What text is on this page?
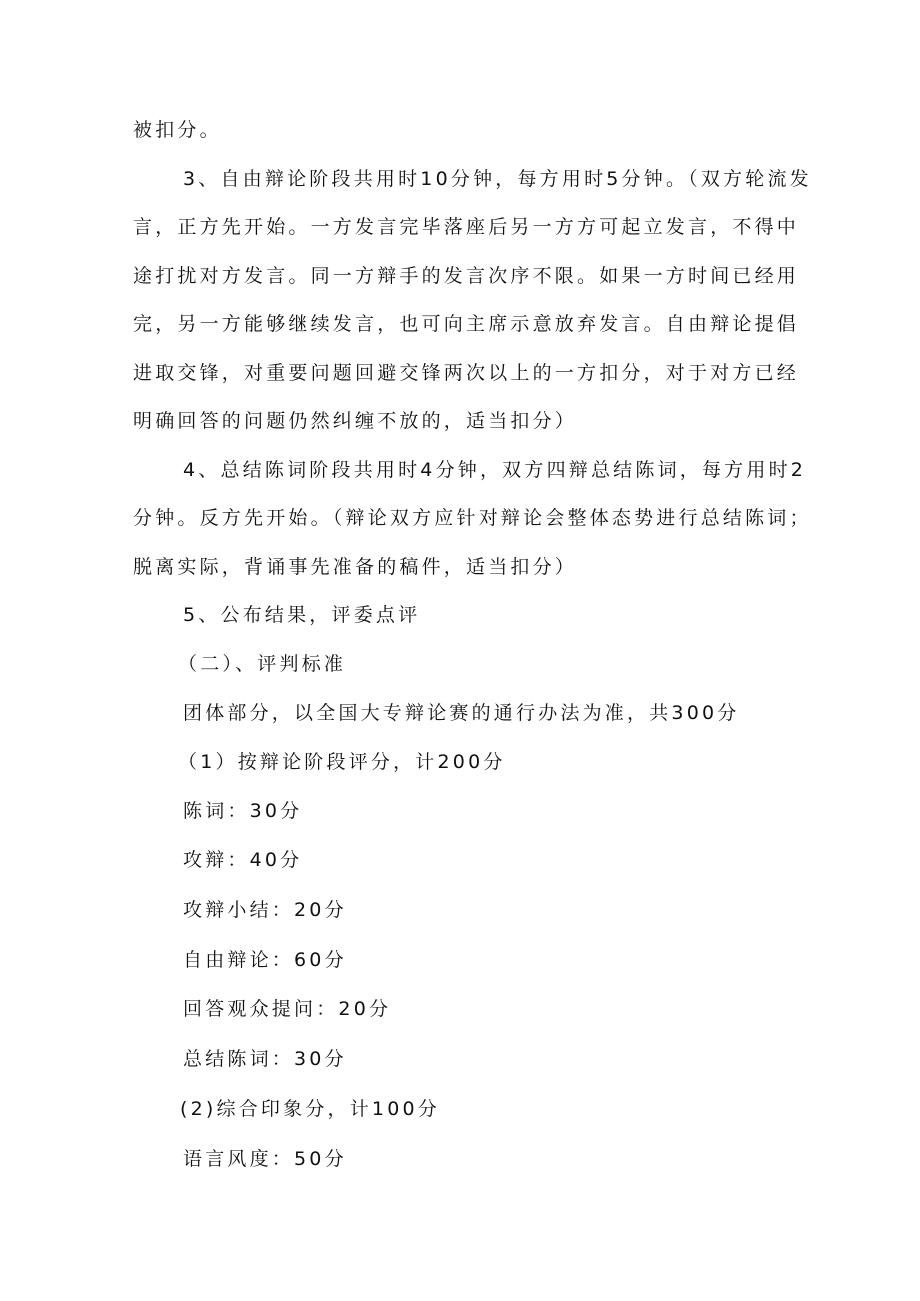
被扣分。
3、自由辩论阶段共用时10分钟，每方用时5分钟。（双方轮流发
言，正方先开始。一方发言完毕落座后另一方方可起立发言，不得中
途打扰对方发言。同一方辩手的发言次序不限。如果一方时间已经用
完，另一方能够继续发言，也可向主席示意放弃发言。自由辩论提倡
进取交锋，对重要问题回避交锋两次以上的一方扣分，对于对方已经
明确回答的问题仍然纠缠不放的，适当扣分）
4、总结陈词阶段共用时4分钟，双方四辩总结陈词，每方用时2
分钟。反方先开始。（辩论双方应针对辩论会整体态势进行总结陈词；
脱离实际，背诵事先准备的稿件，适当扣分）
5、公布结果，评委点评
（二）、评判标准
团体部分，以全国大专辩论赛的通行办法为准，共300分
（1）按辩论阶段评分，计200分
陈词：30分
攻辩：40分
攻辩小结：20分
自由辩论：60分
回答观众提问：20分
总结陈词：30分
(2)综合印象分，计100分
语言风度：50分
